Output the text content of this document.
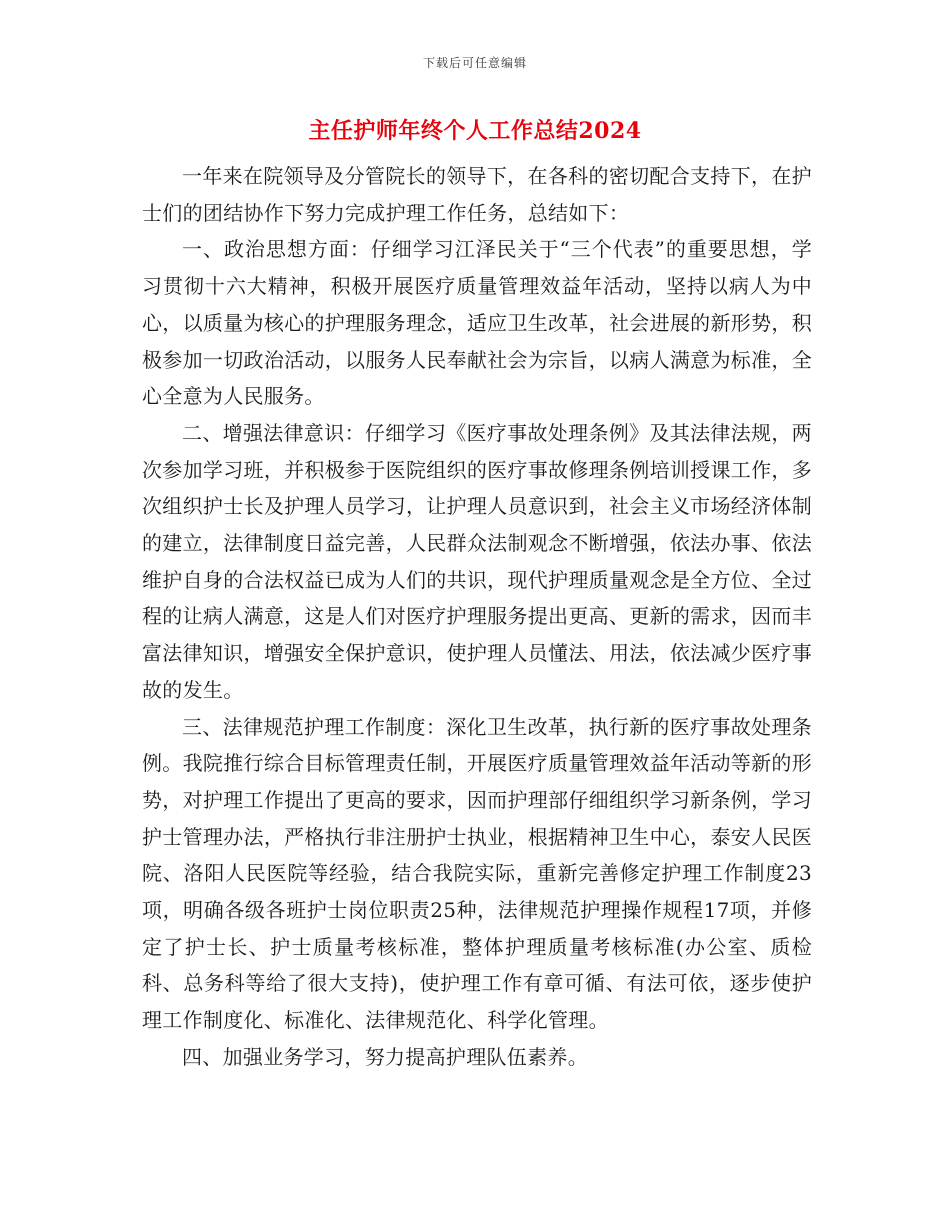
下载后可任意编辑
主任护师年终个人工作总结2024

一年来在院领导及分管院长的领导下，在各科的密切配合支持下，在护士们的团结协作下努力完成护理工作任务，总结如下：

一、政治思想方面：仔细学习江泽民关于“三个代表”的重要思想，学习贯彻十六大精神，积极开展医疗质量管理效益年活动，坚持以病人为中心，以质量为核心的护理服务理念，适应卫生改革，社会进展的新形势，积极参加一切政治活动，以服务人民奉献社会为宗旨，以病人满意为标准，全心全意为人民服务。

二、增强法律意识：仔细学习《医疗事故处理条例》及其法律法规，两次参加学习班，并积极参于医院组织的医疗事故修理条例培训授课工作，多次组织护士长及护理人员学习，让护理人员意识到，社会主义市场经济体制的建立，法律制度日益完善，人民群众法制观念不断增强，依法办事、依法维护自身的合法权益已成为人们的共识，现代护理质量观念是全方位、全过程的让病人满意，这是人们对医疗护理服务提出更高、更新的需求，因而丰富法律知识，增强安全保护意识，使护理人员懂法、用法，依法减少医疗事故的发生。

三、法律规范护理工作制度：深化卫生改革，执行新的医疗事故处理条例。我院推行综合目标管理责任制，开展医疗质量管理效益年活动等新的形势，对护理工作提出了更高的要求，因而护理部仔细组织学习新条例，学习护士管理办法，严格执行非注册护士执业，根据精神卫生中心，泰安人民医院、洛阳人民医院等经验，结合我院实际，重新完善修定护理工作制度23项，明确各级各班护士岗位职责25种，法律规范护理操作规程17项，并修定了护士长、护士质量考核标准，整体护理质量考核标准(办公室、质检科、总务科等给了很大支持)，使护理工作有章可循、有法可依，逐步使护理工作制度化、标准化、法律规范化、科学化管理。

四、加强业务学习，努力提高护理队伍素养。
